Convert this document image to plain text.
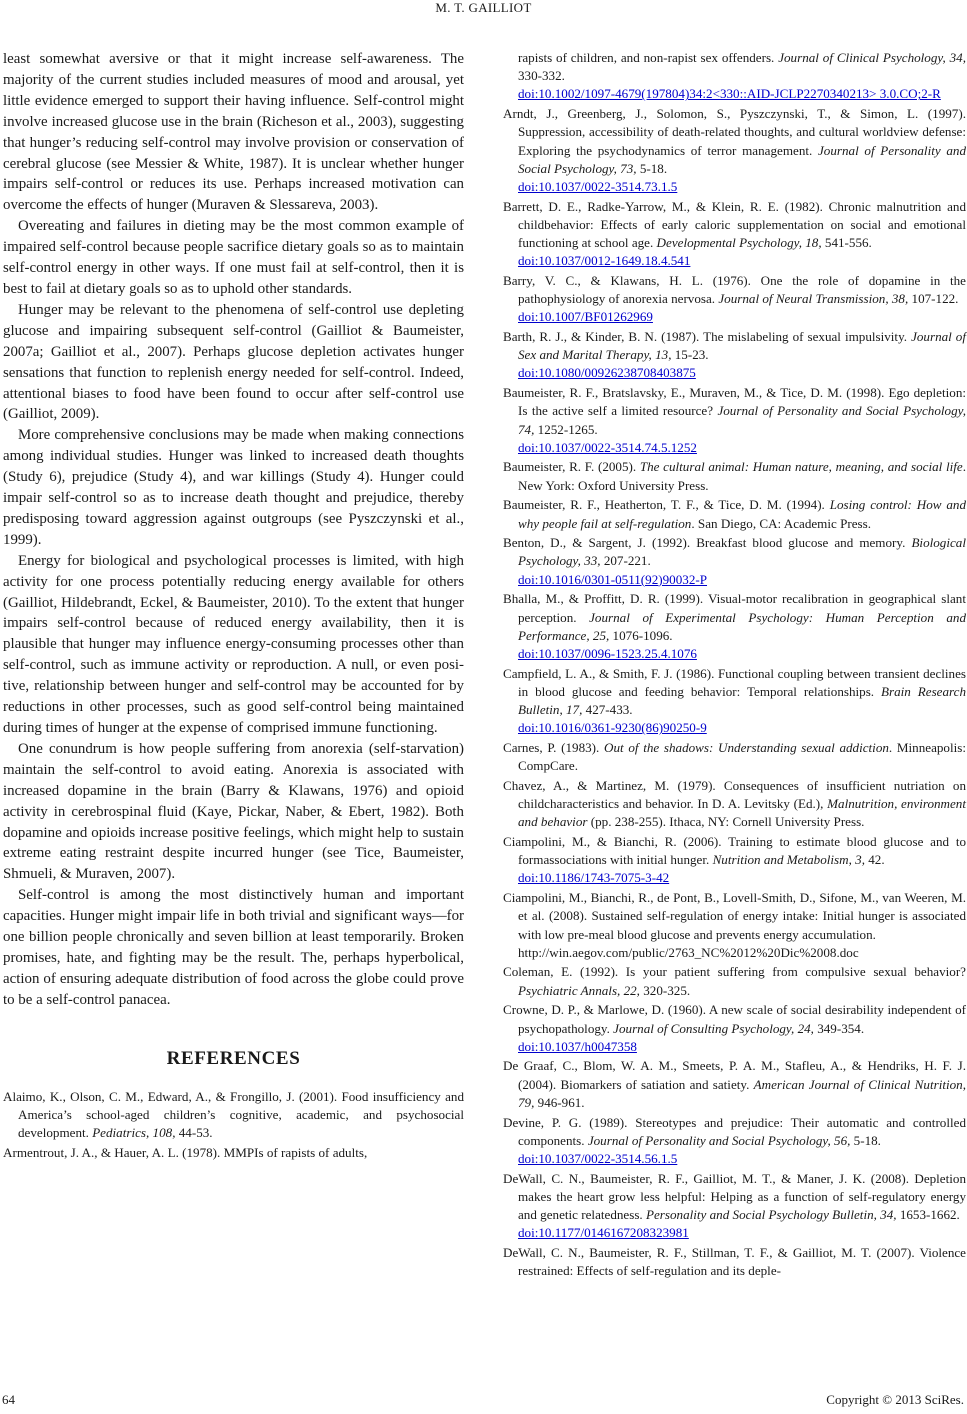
M. T. GAILLIOT

least somewhat aversive or that it might increase self-awareness. The majority of the current studies included measures of mood and arousal, yet little evidence emerged to support their having influence. Self-control might involve increased glucose use in the brain (Richeson et al., 2003), suggesting that hunger’s reducing self-control may involve provision or conservation of cerebral glucose (see Messier & White, 1987). It is unclear whether hunger impairs self-control or reduces its use. Perhaps increased motivation can overcome the effects of hunger (Muraven & Slessareva, 2003).

Overeating and failures in dieting may be the most common example of impaired self-control because people sacrifice dietary goals so as to maintain self-control energy in other ways. If one must fail at self-control, then it is best to fail at dietary goals so as to uphold other standards.

Hunger may be relevant to the phenomena of self-control use depleting glucose and impairing subsequent self-control (Gailliot & Baumeister, 2007a; Gailliot et al., 2007). Perhaps glucose depletion activates hunger sensations that function to replenish energy needed for self-control. Indeed, attentional biases to food have been found to occur after self-control use (Gailliot, 2009).

More comprehensive conclusions may be made when making connections among individual studies. Hunger was linked to increased death thoughts (Study 6), prejudice (Study 4), and war killings (Study 4). Hunger could impair self-control so as to increase death thought and prejudice, thereby predisposing toward aggression against outgroups (see Pyszczynski et al., 1999).

Energy for biological and psychological processes is limited, with high activity for one process potentially reducing energy available for others (Gailliot, Hildebrandt, Eckel, & Baumeister, 2010). To the extent that hunger impairs self-control because of reduced energy availability, then it is plausible that hunger may influence energy-consuming processes other than self-control, such as immune activity or reproduction. A null, or even positive, relationship between hunger and self-control may be accounted for by reductions in other processes, such as good self-control being maintained during times of hunger at the expense of comprised immune functioning.

One conundrum is how people suffering from anorexia (self-starvation) maintain the self-control to avoid eating. Anorexia is associated with increased dopamine in the brain (Barry & Klawans, 1976) and opioid activity in cerebrospinal fluid (Kaye, Pickar, Naber, & Ebert, 1982). Both dopamine and opioids increase positive feelings, which might help to sustain extreme eating restraint despite incurred hunger (see Tice, Baumeister, Shmueli, & Muraven, 2007).

Self-control is among the most distinctively human and important capacities. Hunger might impair life in both trivial and significant ways—for one billion people chronically and seven billion at least temporarily. Broken promises, hate, and fighting may be the result. The, perhaps hyperbolical, action of ensuring adequate distribution of food across the globe could prove to be a self-control panacea.

REFERENCES
Alaimo, K., Olson, C. M., Edward, A., & Frongillo, J. (2001). Food insufficiency and America’s school-aged children’s cognitive, academic, and psychosocial development. Pediatrics, 108, 44-53.
Armentrout, J. A., & Hauer, A. L. (1978). MMPIs of rapists of adults,
rapists of children, and non-rapist sex offenders. Journal of Clinical Psychology, 34, 330-332.
doi:10.1002/1097-4679(197804)34:2<330::AID-JCLP2270340213> 3.0.CO;2-R
Arndt, J., Greenberg, J., Solomon, S., Pyszczynski, T., & Simon, L. (1997). Suppression, accessibility of death-related thoughts, and cultural worldview defense: Exploring the psychodynamics of terror management. Journal of Personality and Social Psychology, 73, 5-18.
doi:10.1037/0022-3514.73.1.5
Barrett, D. E., Radke-Yarrow, M., & Klein, R. E. (1982). Chronic malnutrition and childbehavior: Effects of early caloric supplementation on social and emotional functioning at school age. Developmental Psychology, 18, 541-556.
doi:10.1037/0012-1649.18.4.541
Barry, V. C., & Klawans, H. L. (1976). One the role of dopamine in the pathophysiology of anorexia nervosa. Journal of Neural Transmission, 38, 107-122.
doi:10.1007/BF01262969
Barth, R. J., & Kinder, B. N. (1987). The mislabeling of sexual impulsivity. Journal of Sex and Marital Therapy, 13, 15-23.
doi:10.1080/00926238708403875
Baumeister, R. F., Bratslavsky, E., Muraven, M., & Tice, D. M. (1998). Ego depletion: Is the active self a limited resource? Journal of Personality and Social Psychology, 74, 1252-1265.
doi:10.1037/0022-3514.74.5.1252
Baumeister, R. F. (2005). The cultural animal: Human nature, meaning, and social life. New York: Oxford University Press.
Baumeister, R. F., Heatherton, T. F., & Tice, D. M. (1994). Losing control: How and why people fail at self-regulation. San Diego, CA: Academic Press.
Benton, D., & Sargent, J. (1992). Breakfast blood glucose and memory. Biological Psychology, 33, 207-221.
doi:10.1016/0301-0511(92)90032-P
Bhalla, M., & Proffitt, D. R. (1999). Visual-motor recalibration in geographical slant perception. Journal of Experimental Psychology: Human Perception and Performance, 25, 1076-1096.
doi:10.1037/0096-1523.25.4.1076
Campfield, L. A., & Smith, F. J. (1986). Functional coupling between transient declines in blood glucose and feeding behavior: Temporal relationships. Brain Research Bulletin, 17, 427-433.
doi:10.1016/0361-9230(86)90250-9
Carnes, P. (1983). Out of the shadows: Understanding sexual addiction. Minneapolis: CompCare.
Chavez, A., & Martinez, M. (1979). Consequences of insufficient nutriation on childcharacteristics and behavior. In D. A. Levitsky (Ed.), Malnutrition, environment and behavior (pp. 238-255). Ithaca, NY: Cornell University Press.
Ciampolini, M., & Bianchi, R. (2006). Training to estimate blood glucose and to formassociations with initial hunger. Nutrition and Metabolism, 3, 42.
doi:10.1186/1743-7075-3-42
Ciampolini, M., Bianchi, R., de Pont, B., Lovell-Smith, D., Sifone, M., van Weeren, M. et al. (2008). Sustained self-regulation of energy intake: Initial hunger is associated with low pre-meal blood glucose and prevents energy accumulation.
http://win.aegov.com/public/2763_NC%2012%20Dic%2008.doc
Coleman, E. (1992). Is your patient suffering from compulsive sexual behavior? Psychiatric Annals, 22, 320-325.
Crowne, D. P., & Marlowe, D. (1960). A new scale of social desirability independent of psychopathology. Journal of Consulting Psychology, 24, 349-354.
doi:10.1037/h0047358
De Graaf, C., Blom, W. A. M., Smeets, P. A. M., Stafleu, A., & Hendriks, H. F. J. (2004). Biomarkers of satiation and satiety. American Journal of Clinical Nutrition, 79, 946-961.
Devine, P. G. (1989). Stereotypes and prejudice: Their automatic and controlled components. Journal of Personality and Social Psychology, 56, 5-18.
doi:10.1037/0022-3514.56.1.5
DeWall, C. N., Baumeister, R. F., Gailliot, M. T., & Maner, J. K. (2008). Depletion makes the heart grow less helpful: Helping as a function of self-regulatory energy and genetic relatedness. Personality and Social Psychology Bulletin, 34, 1653-1662.
doi:10.1177/0146167208323981
DeWall, C. N., Baumeister, R. F., Stillman, T. F., & Gailliot, M. T. (2007). Violence restrained: Effects of self-regulation and its deple-
64	Copyright © 2013 SciRes.
